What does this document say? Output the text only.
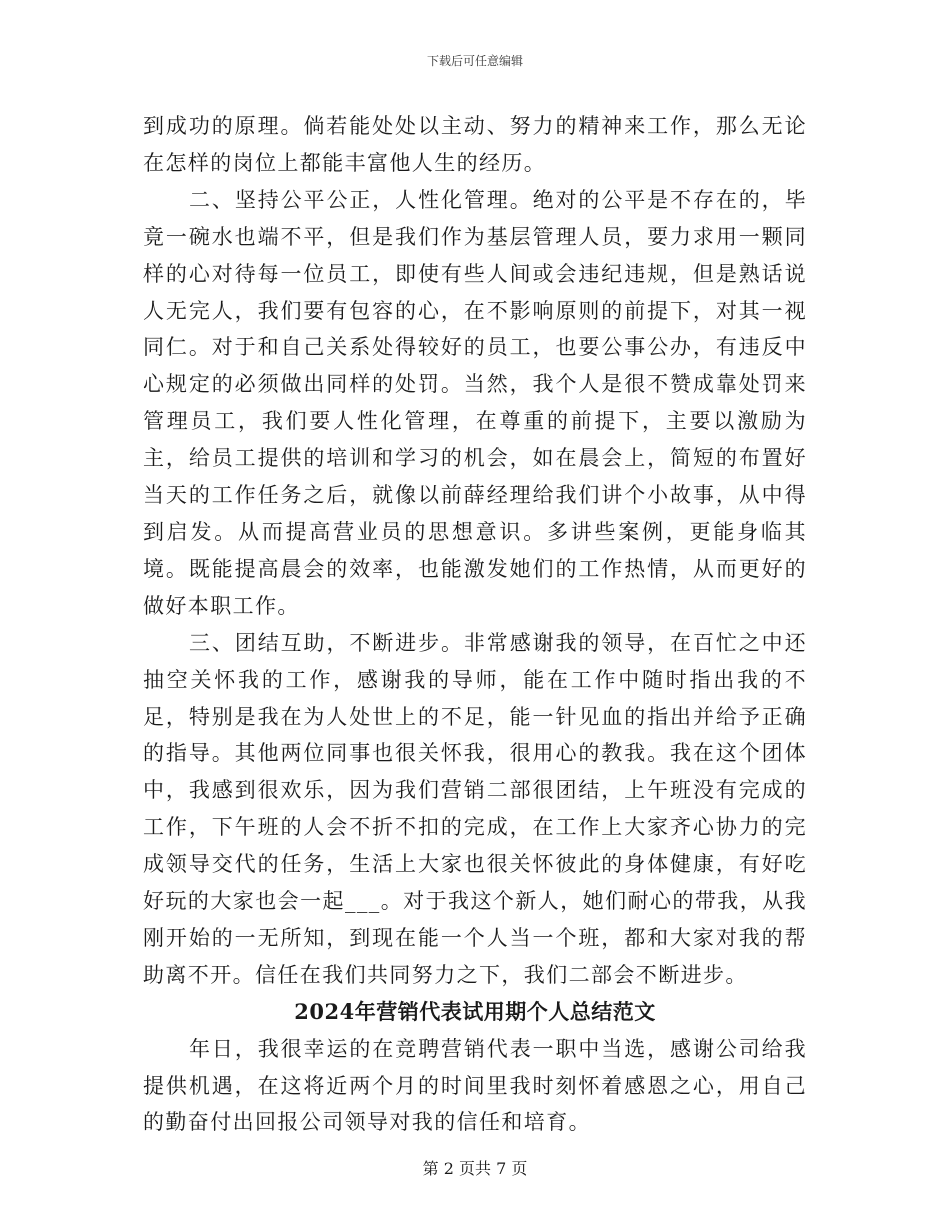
下载后可任意编辑

到成功的原理。倘若能处处以主动、努力的精神来工作，那么无论在怎样的岗位上都能丰富他人生的经历。

二、坚持公平公正，人性化管理。绝对的公平是不存在的，毕竟一碗水也端不平，但是我们作为基层管理人员，要力求用一颗同样的心对待每一位员工，即使有些人间或会违纪违规，但是熟话说人无完人，我们要有包容的心，在不影响原则的前提下，对其一视同仁。对于和自己关系处得较好的员工，也要公事公办，有违反中心规定的必须做出同样的处罚。当然，我个人是很不赞成靠处罚来管理员工，我们要人性化管理，在尊重的前提下，主要以激励为主，给员工提供的培训和学习的机会，如在晨会上，简短的布置好当天的工作任务之后，就像以前薛经理给我们讲个小故事，从中得到启发。从而提高营业员的思想意识。多讲些案例，更能身临其境。既能提高晨会的效率，也能激发她们的工作热情，从而更好的做好本职工作。

三、团结互助，不断进步。非常感谢我的领导，在百忙之中还抽空关怀我的工作，感谢我的导师，能在工作中随时指出我的不足，特别是我在为人处世上的不足，能一针见血的指出并给予正确的指导。其他两位同事也很关怀我，很用心的教我。我在这个团体中，我感到很欢乐，因为我们营销二部很团结，上午班没有完成的工作，下午班的人会不折不扣的完成，在工作上大家齐心协力的完成领导交代的任务，生活上大家也很关怀彼此的身体健康，有好吃好玩的大家也会一起___。对于我这个新人，她们耐心的带我，从我刚开始的一无所知，到现在能一个人当一个班，都和大家对我的帮助离不开。信任在我们共同努力之下，我们二部会不断进步。

2024年营销代表试用期个人总结范文

年日，我很幸运的在竞聘营销代表一职中当选，感谢公司给我提供机遇，在这将近两个月的时间里我时刻怀着感恩之心，用自己的勤奋付出回报公司领导对我的信任和培育。

第 2 页共 7 页
